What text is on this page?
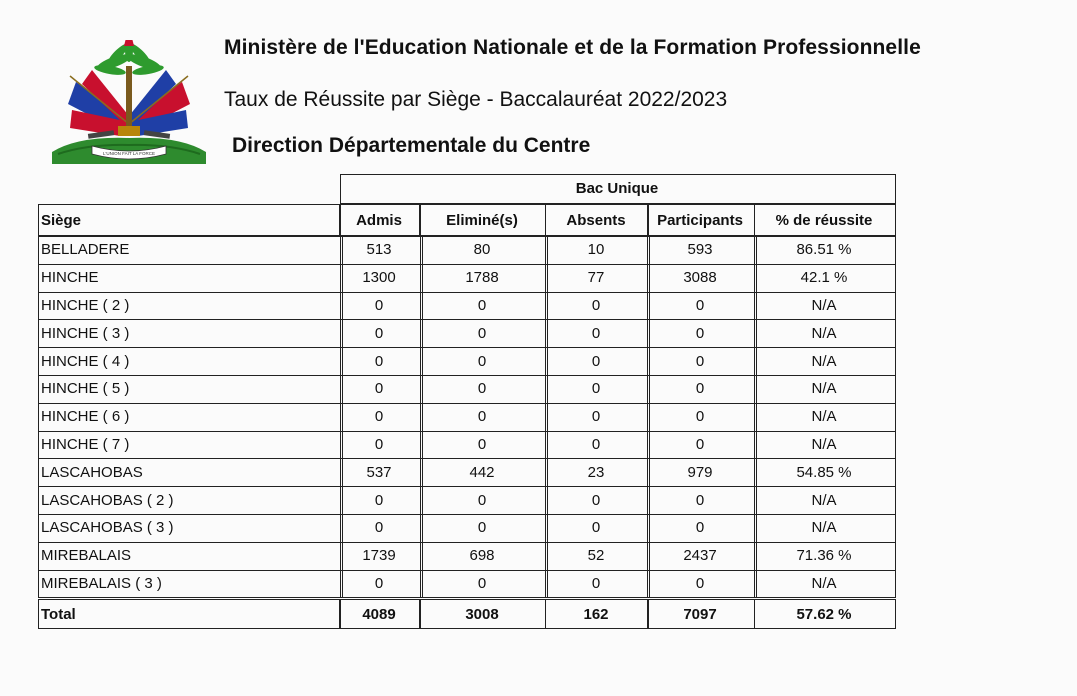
L'UNION FAIT LA FORCE
Ministère de l'Education Nationale et de la Formation Professionnelle
Taux de Réussite par Siège - Baccalauréat 2022/2023
Direction Départementale du Centre
Bac Unique
Siège	Admis	Eliminé(s)	Absents	Participants	% de réussite
BELLADERE	513	80	10	593	86.51 %
HINCHE	1300	1788	77	3088	42.1 %
HINCHE ( 2 )	0	0	0	0	N/A
HINCHE ( 3 )	0	0	0	0	N/A
HINCHE ( 4 )	0	0	0	0	N/A
HINCHE ( 5 )	0	0	0	0	N/A
HINCHE ( 6 )	0	0	0	0	N/A
HINCHE ( 7 )	0	0	0	0	N/A
LASCAHOBAS	537	442	23	979	54.85 %
LASCAHOBAS ( 2 )	0	0	0	0	N/A
LASCAHOBAS ( 3 )	0	0	0	0	N/A
MIREBALAIS	1739	698	52	2437	71.36 %
MIREBALAIS ( 3 )	0	0	0	0	N/A
Total	4089	3008	162	7097	57.62 %
